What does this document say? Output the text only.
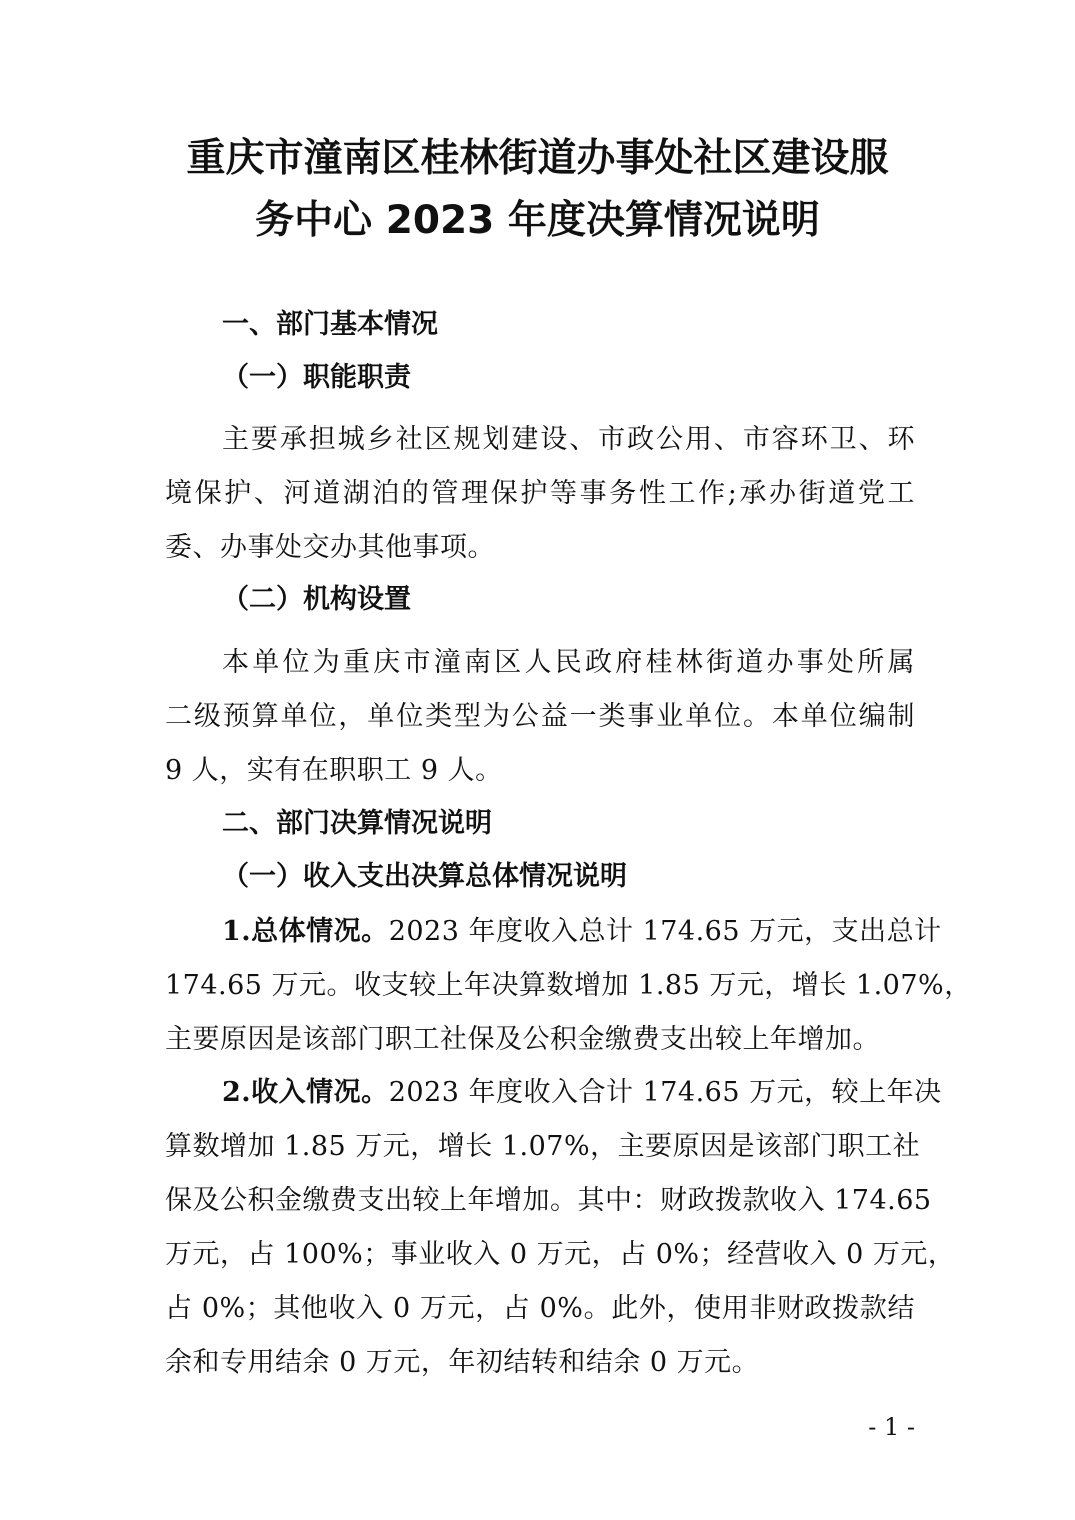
重庆市潼南区桂林街道办事处社区建设服
务中心 2023 年度决算情况说明
一、部门基本情况
（一）职能职责

主要承担城乡社区规划建设、市政公用、市容环卫、环
境保护、河道湖泊的管理保护等事务性工作;承办街道党工
委、办事处交办其他事项。

（二）机构设置

本单位为重庆市潼南区人民政府桂林街道办事处所属
二级预算单位，单位类型为公益一类事业单位。本单位编制
9 人，实有在职职工 9 人。

二、部门决算情况说明
（一）收入支出决算总体情况说明

1.总体情况。2023 年度收入总计 174.65 万元，支出总计
174.65 万元。收支较上年决算数增加 1.85 万元，增长 1.07%，
主要原因是该部门职工社保及公积金缴费支出较上年增加。

2.收入情况。2023 年度收入合计 174.65 万元，较上年决
算数增加 1.85 万元，增长 1.07%，主要原因是该部门职工社
保及公积金缴费支出较上年增加。其中：财政拨款收入 174.65
万元，占 100%；事业收入 0 万元，占 0%；经营收入 0 万元，
占 0%；其他收入 0 万元，占 0%。此外，使用非财政拨款结
余和专用结余 0 万元，年初结转和结余 0 万元。

- 1 -
